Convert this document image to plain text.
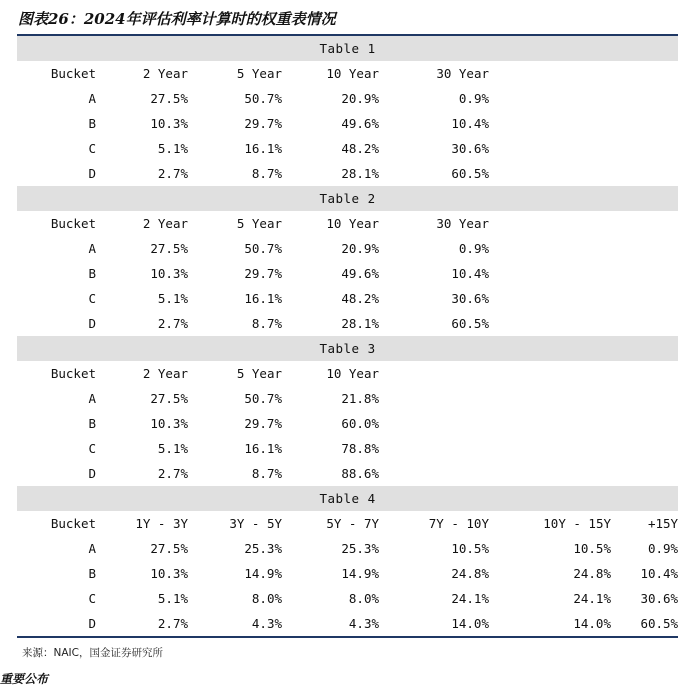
图表26：2024年评估利率计算时的权重表情况
Table 1						
Bucket	2 Year	5 Year	10 Year	30 Year		
A	27.5%	50.7%	20.9%	0.9%		
B	10.3%	29.7%	49.6%	10.4%		
C	5.1%	16.1%	48.2%	30.6%		
D	2.7%	8.7%	28.1%	60.5%		
Table 2						
Bucket	2 Year	5 Year	10 Year	30 Year		
A	27.5%	50.7%	20.9%	0.9%		
B	10.3%	29.7%	49.6%	10.4%		
C	5.1%	16.1%	48.2%	30.6%		
D	2.7%	8.7%	28.1%	60.5%		
Table 3						
Bucket	2 Year	5 Year	10 Year			
A	27.5%	50.7%	21.8%			
B	10.3%	29.7%	60.0%			
C	5.1%	16.1%	78.8%			
D	2.7%	8.7%	88.6%			
Table 4						
Bucket	1Y - 3Y	3Y - 5Y	5Y - 7Y	7Y - 10Y	10Y - 15Y	+15Y
A	27.5%	25.3%	25.3%	10.5%	10.5%	0.9%
B	10.3%	14.9%	14.9%	24.8%	24.8%	10.4%
C	5.1%	8.0%	8.0%	24.1%	24.1%	30.6%
D	2.7%	4.3%	4.3%	14.0%	14.0%	60.5%
来源：NAIC，国金证券研究所
重要公布
